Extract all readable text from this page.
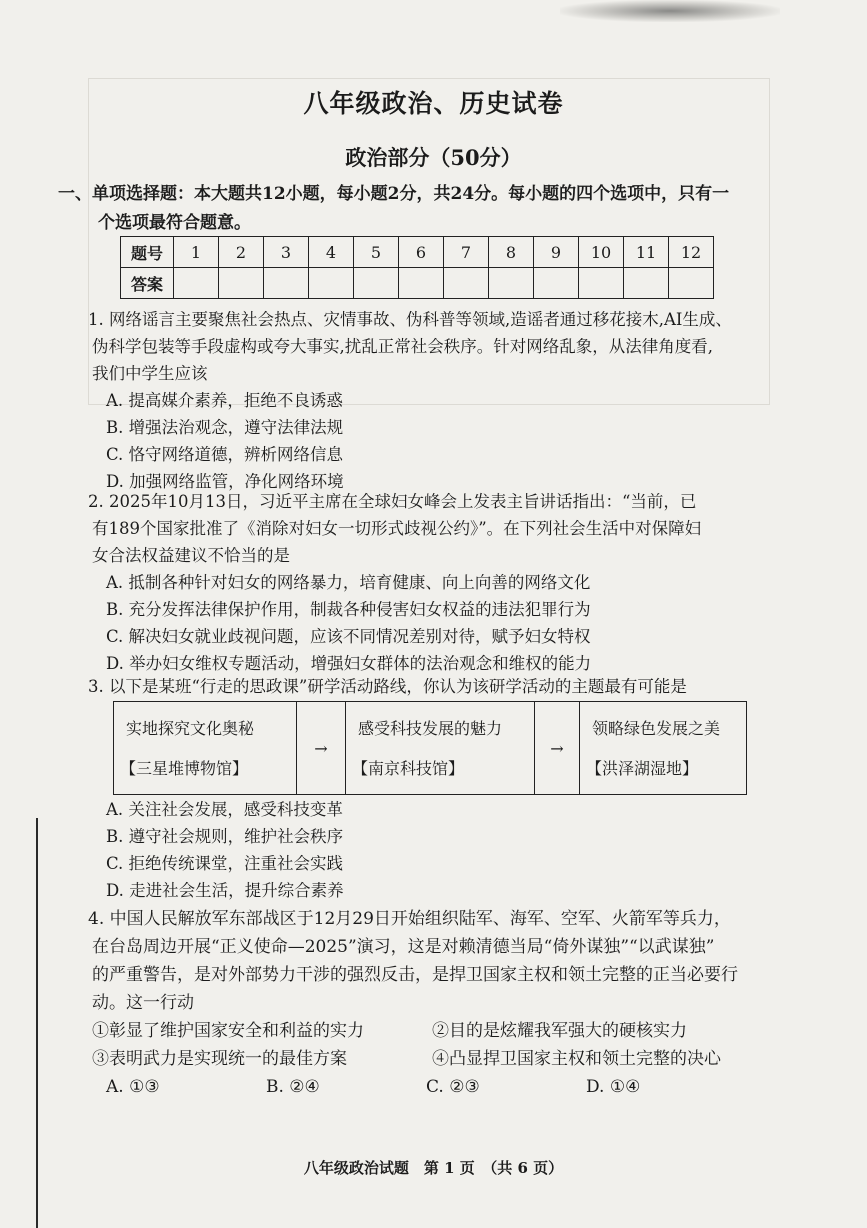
八年级政治、历史试卷
政治部分（50分）
一、单项选择题：本大题共12小题，每小题2分，共24分。每小题的四个选项中，只有一
个选项最符合题意。
题号	1	2	3	4	5	6	7	8	9	10	11	12
答案												
1. 网络谣言主要聚焦社会热点、灾情事故、伪科普等领域,造谣者通过移花接木,AI生成、
伪科学包装等手段虚构或夸大事实,扰乱正常社会秩序。针对网络乱象，从法律角度看,
我们中学生应该
A. 提高媒介素养，拒绝不良诱惑
B. 增强法治观念，遵守法律法规
C. 恪守网络道德，辨析网络信息
D. 加强网络监管，净化网络环境
2. 2025年10月13日，习近平主席在全球妇女峰会上发表主旨讲话指出：“当前，已
有189个国家批准了《消除对妇女一切形式歧视公约》”。在下列社会生活中对保障妇
女合法权益建议不恰当的是
A. 抵制各种针对妇女的网络暴力，培育健康、向上向善的网络文化
B. 充分发挥法律保护作用，制裁各种侵害妇女权益的违法犯罪行为
C. 解决妇女就业歧视问题，应该不同情况差别对待，赋予妇女特权
D. 举办妇女维权专题活动，增强妇女群体的法治观念和维权的能力
3. 以下是某班“行走的思政课”研学活动路线，你认为该研学活动的主题最有可能是
实地探究文化奥秘
【三星堆博物馆】
→
感受科技发展的魅力
【南京科技馆】
→
领略绿色发展之美
【洪泽湖湿地】
A. 关注社会发展，感受科技变革
B. 遵守社会规则，维护社会秩序
C. 拒绝传统课堂，注重社会实践
D. 走进社会生活，提升综合素养
4. 中国人民解放军东部战区于12月29日开始组织陆军、海军、空军、火箭军等兵力，
在台岛周边开展“正义使命—2025”演习，这是对赖清德当局“倚外谋独”“以武谋独”
的严重警告，是对外部势力干涉的强烈反击，是捍卫国家主权和领土完整的正当必要行
动。这一行动
①彰显了维护国家安全和利益的实力	②目的是炫耀我军强大的硬核实力
③表明武力是实现统一的最佳方案	④凸显捍卫国家主权和领土完整的决心
A. ①③	B. ②④	C. ②③	D. ①④
八年级政治试题　第 1 页　（共 6 页）
